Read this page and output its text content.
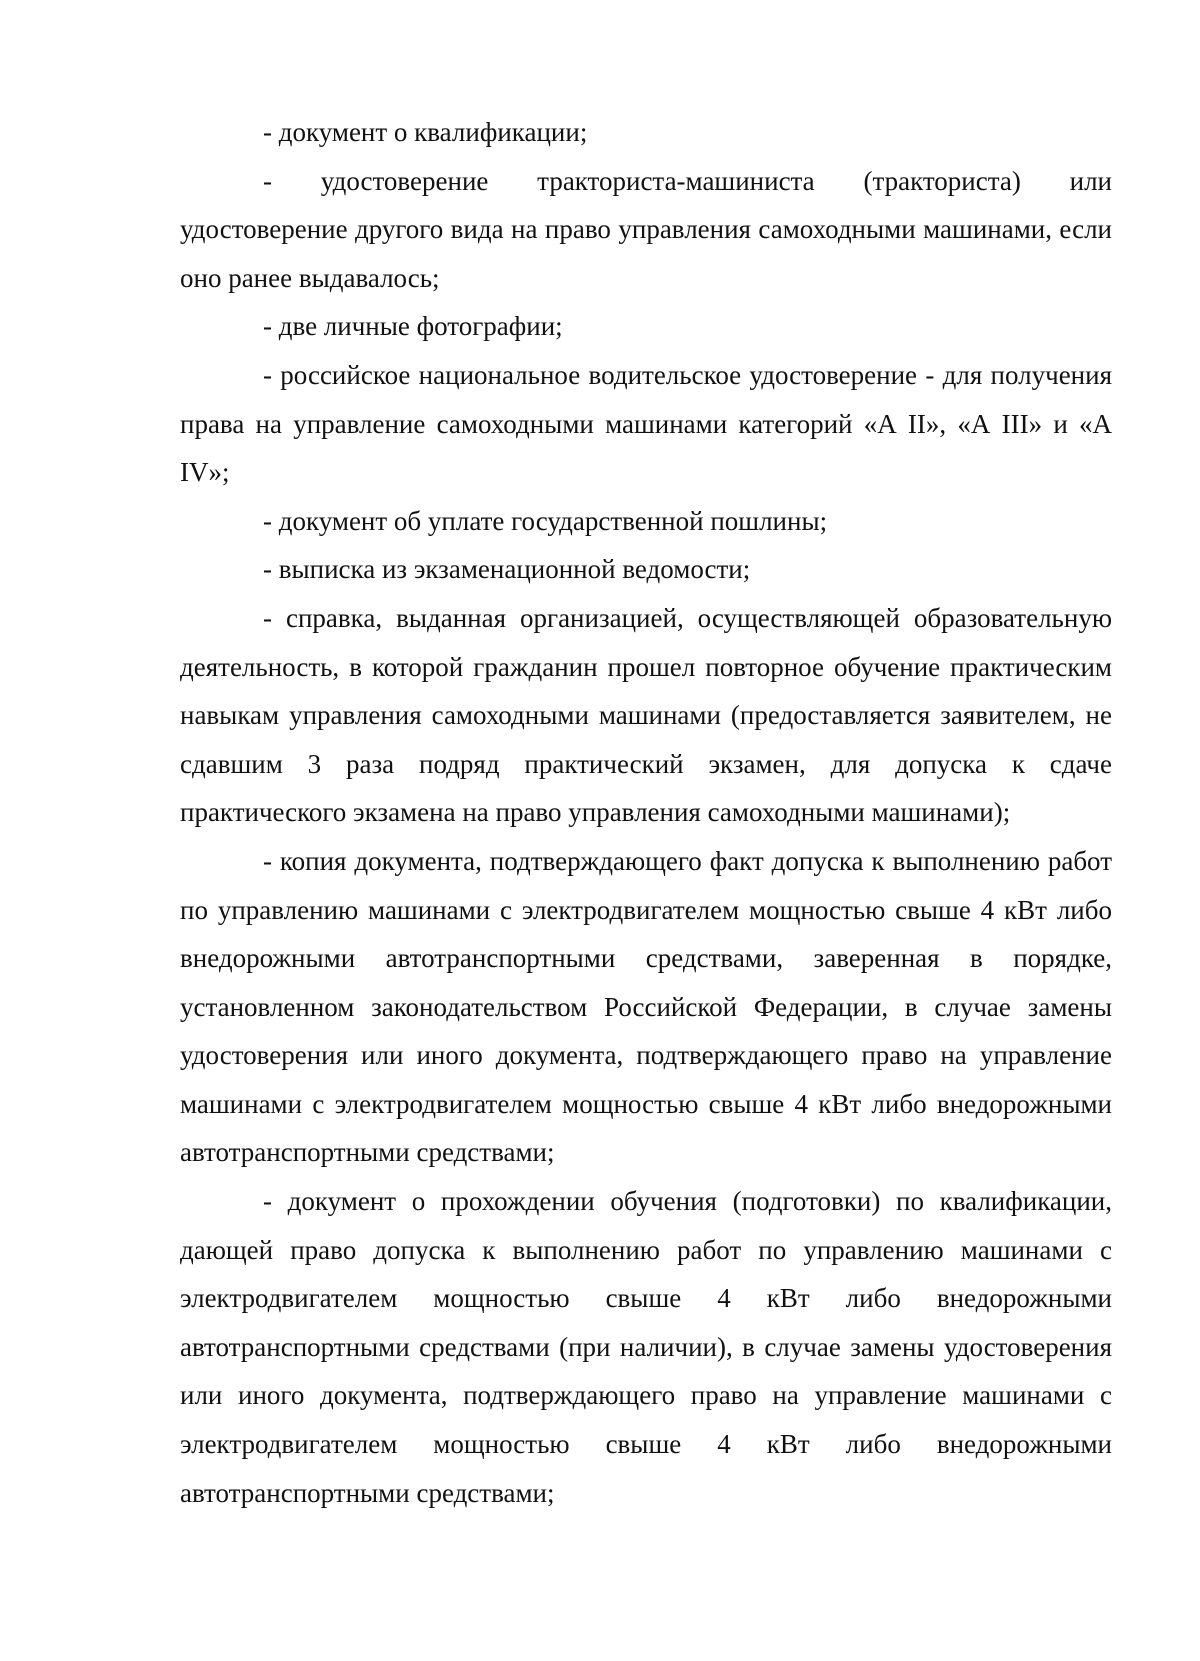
- документ о квалификации;

- удостоверение тракториста-машиниста (тракториста) или удостоверение другого вида на право управления самоходными машинами, если оно ранее выдавалось;

- две личные фотографии;

- российское национальное водительское удостоверение - для получения права на управление самоходными машинами категорий «А II», «А III» и «А IV»;

- документ об уплате государственной пошлины;

- выписка из экзаменационной ведомости;

- справка, выданная организацией, осуществляющей образовательную деятельность, в которой гражданин прошел повторное обучение практическим навыкам управления самоходными машинами (предоставляется заявителем, не сдавшим 3 раза подряд практический экзамен, для допуска к сдаче практического экзамена на право управления самоходными машинами);

- копия документа, подтверждающего факт допуска к выполнению работ по управлению машинами с электродвигателем мощностью свыше 4 кВт либо внедорожными автотранспортными средствами, заверенная в порядке, установленном законодательством Российской Федерации, в случае замены удостоверения или иного документа, подтверждающего право на управление машинами с электродвигателем мощностью свыше 4 кВт либо внедорожными автотранспортными средствами;

- документ о прохождении обучения (подготовки) по квалификации, дающей право допуска к выполнению работ по управлению машинами с электродвигателем мощностью свыше 4 кВт либо внедорожными автотранспортными средствами (при наличии), в случае замены удостоверения или иного документа, подтверждающего право на управление машинами с электродвигателем мощностью свыше 4 кВт либо внедорожными автотранспортными средствами;
